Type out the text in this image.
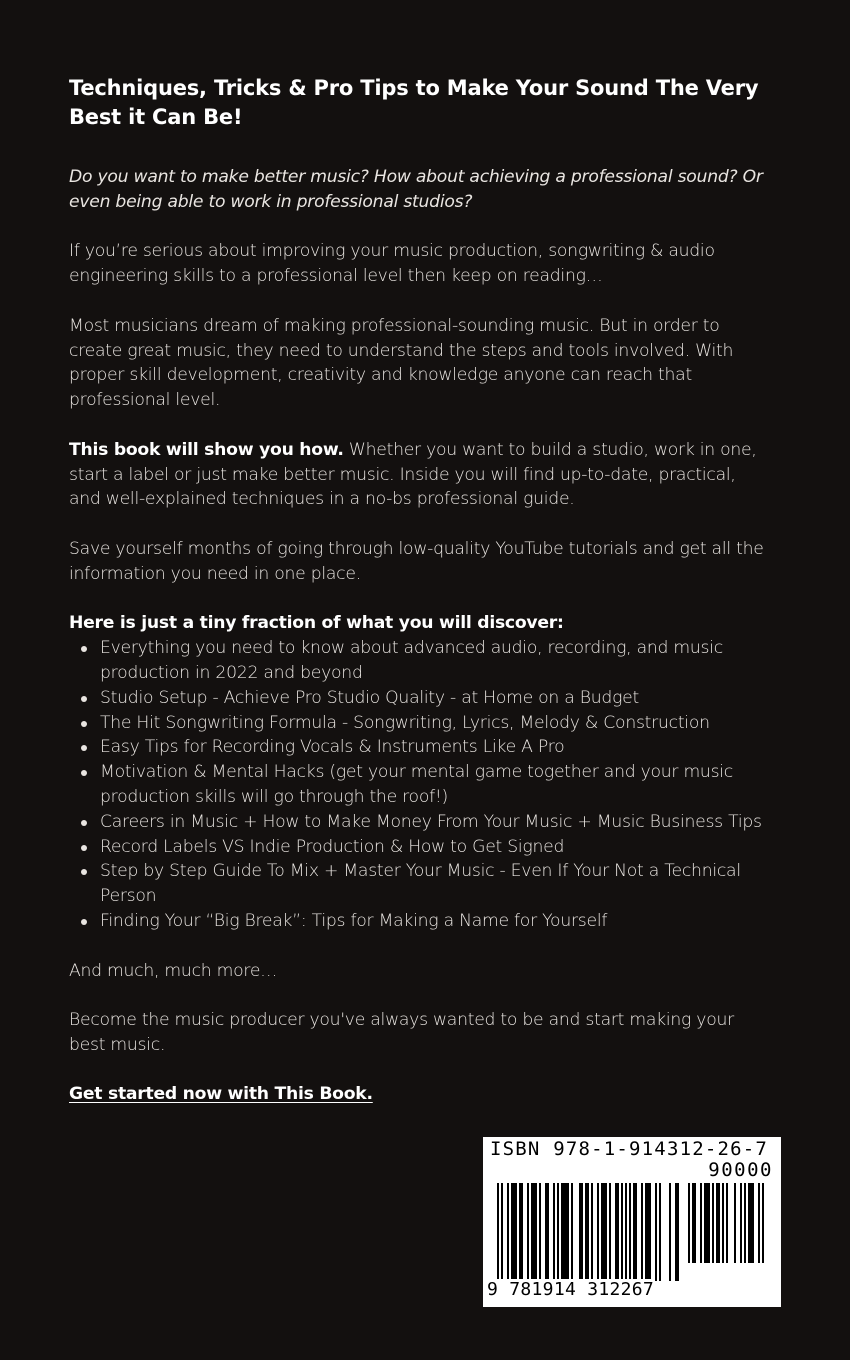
Techniques, Tricks & Pro Tips to Make Your Sound The Very Best it Can Be!

Do you want to make better music? How about achieving a professional sound? Or even being able to work in professional studios?

If you’re serious about improving your music production, songwriting & audio engineering skills to a professional level then keep on reading…

Most musicians dream of making professional-sounding music. But in order to create great music, they need to understand the steps and tools involved. With proper skill development, creativity and knowledge anyone can reach that professional level.

This book will show you how. Whether you want to build a studio, work in one, start a label or just make better music. Inside you will find up-to-date, practical, and well-explained techniques in a no-bs professional guide.

Save yourself months of going through low-quality YouTube tutorials and get all the information you need in one place.

Here is just a tiny fraction of what you will discover:

Everything you need to know about advanced audio, recording, and music production in 2022 and beyond
Studio Setup - Achieve Pro Studio Quality - at Home on a Budget
The Hit Songwriting Formula - Songwriting, Lyrics, Melody & Construction
Easy Tips for Recording Vocals & Instruments Like A Pro
Motivation & Mental Hacks (get your mental game together and your music production skills will go through the roof!)
Careers in Music + How to Make Money From Your Music + Music Business Tips
Record Labels VS Indie Production & How to Get Signed
Step by Step Guide To Mix + Master Your Music - Even If Your Not a Technical Person
Finding Your “Big Break”: Tips for Making a Name for Yourself

And much, much more…

Become the music producer you've always wanted to be and start making your best music.

Get started now with This Book.

ISBN 978-1-914312-26-7
90000
9 781914 312267
